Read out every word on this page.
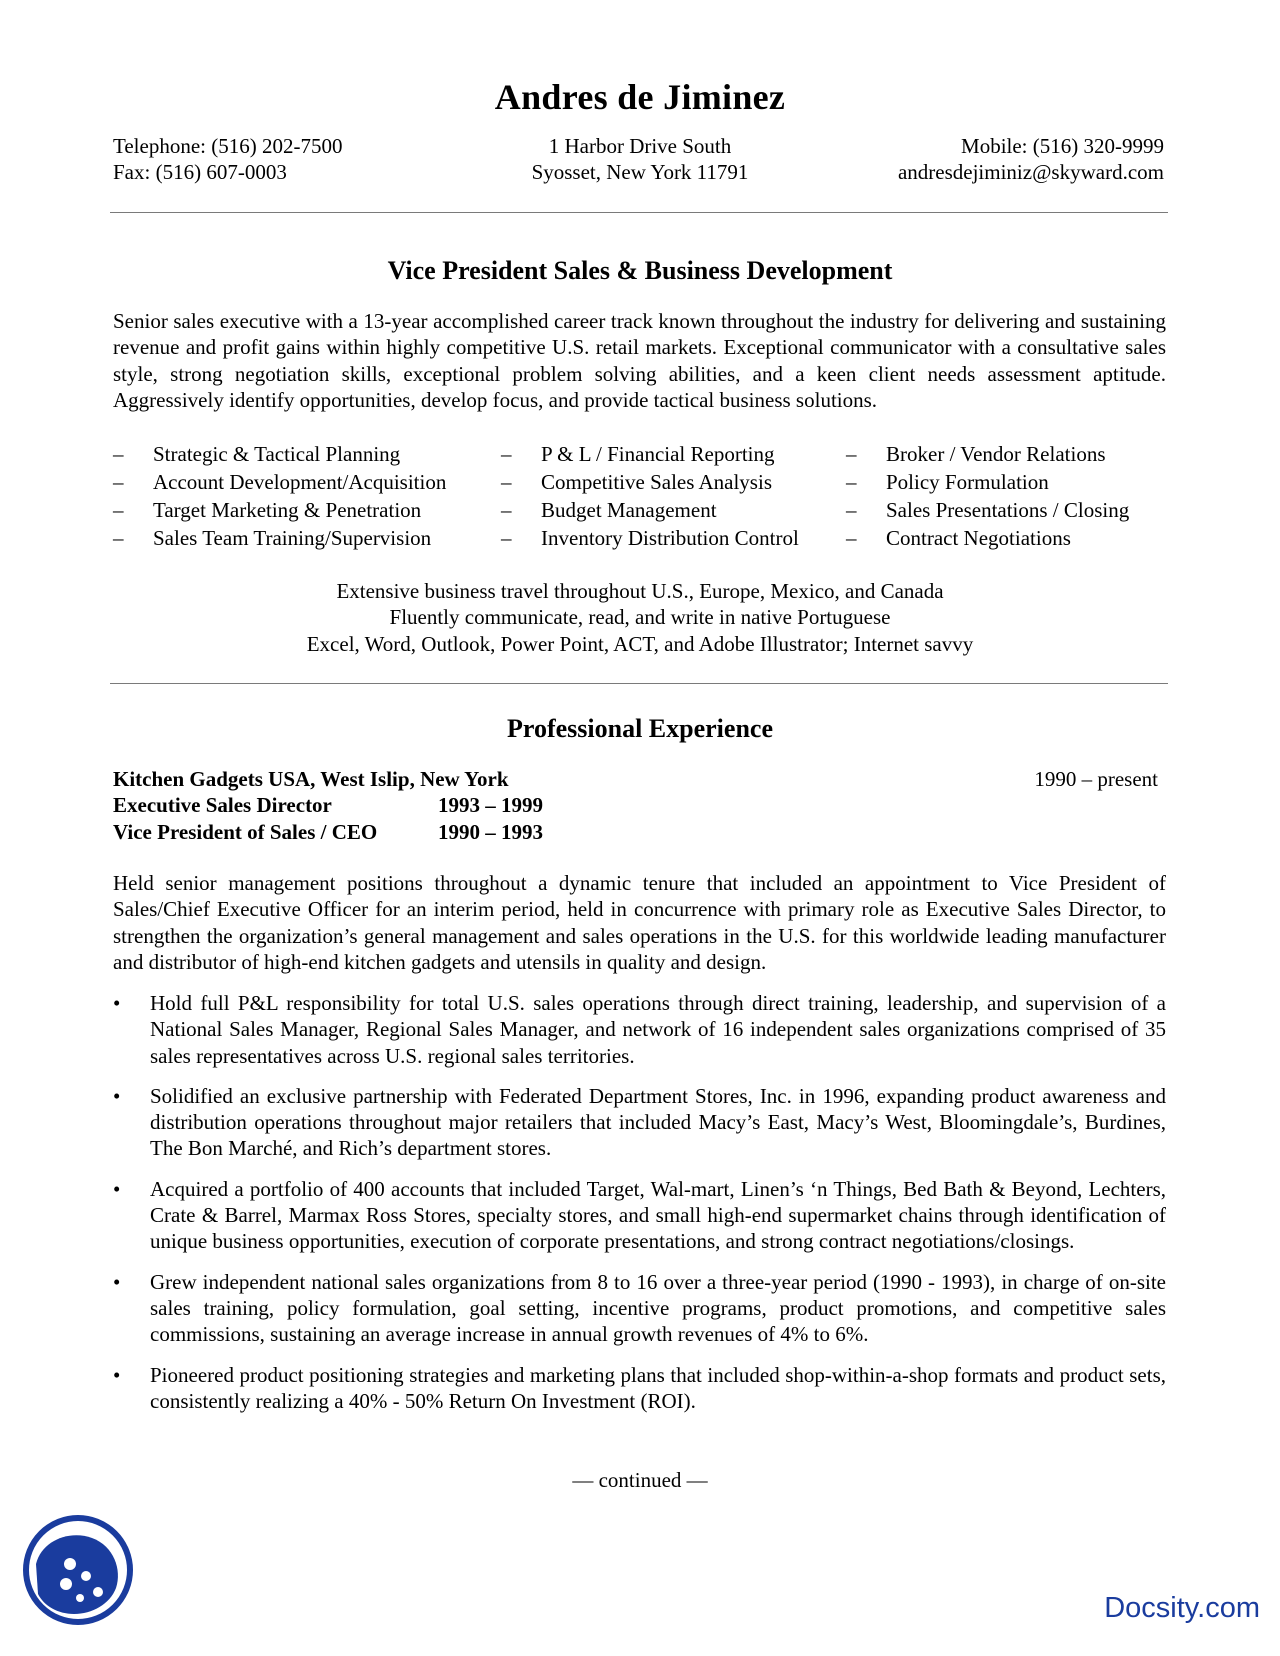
Andres de Jiminez
Telephone: (516) 202-7500
Fax: (516) 607-0003
1 Harbor Drive South
Syosset, New York 11791
Mobile: (516) 320-9999
andresdejiminiz@skyward.com
Vice President Sales & Business Development

Senior sales executive with a 13-year accomplished career track known throughout the industry for delivering and sustaining revenue and profit gains within highly competitive U.S. retail markets. Exceptional communicator with a consultative sales style, strong negotiation skills, exceptional problem solving abilities, and a keen client needs assessment aptitude. Aggressively identify opportunities, develop focus, and provide tactical business solutions.

– Strategic & Tactical Planning
– Account Development/Acquisition
– Target Marketing & Penetration
– Sales Team Training/Supervision
– P & L / Financial Reporting
– Competitive Sales Analysis
– Budget Management
– Inventory Distribution Control
– Broker / Vendor Relations
– Policy Formulation
– Sales Presentations / Closing
– Contract Negotiations
Extensive business travel throughout U.S., Europe, Mexico, and Canada
Fluently communicate, read, and write in native Portuguese
Excel, Word, Outlook, Power Point, ACT, and Adobe Illustrator; Internet savvy
Professional Experience
Kitchen Gadgets USA, West Islip, New York
Executive Sales Director	1993 – 1999
Vice President of Sales / CEO	1990 – 1993
1990 – present

Held senior management positions throughout a dynamic tenure that included an appointment to Vice President of Sales/Chief Executive Officer for an interim period, held in concurrence with primary role as Executive Sales Director, to strengthen the organization’s general management and sales operations in the U.S. for this worldwide leading manufacturer and distributor of high-end kitchen gadgets and utensils in quality and design.

•	Hold full P&L responsibility for total U.S. sales operations through direct training, leadership, and supervision of a National Sales Manager, Regional Sales Manager, and network of 16 independent sales organizations comprised of 35 sales representatives across U.S. regional sales territories.
•	Solidified an exclusive partnership with Federated Department Stores, Inc. in 1996, expanding product awareness and distribution operations throughout major retailers that included Macy’s East, Macy’s West, Bloomingdale’s, Burdines, The Bon Marché, and Rich’s department stores.
•	Acquired a portfolio of 400 accounts that included Target, Wal-mart, Linen’s ‘n Things, Bed Bath & Beyond, Lechters, Crate & Barrel, Marmax Ross Stores, specialty stores, and small high-end supermarket chains through identification of unique business opportunities, execution of corporate presentations, and strong contract negotiations/closings.
•	Grew independent national sales organizations from 8 to 16 over a three-year period (1990 - 1993), in charge of on-site sales training, policy formulation, goal setting, incentive programs, product promotions, and competitive sales commissions, sustaining an average increase in annual growth revenues of 4% to 6%.
•	Pioneered product positioning strategies and marketing plans that included shop-within-a-shop formats and product sets, consistently realizing a 40% - 50% Return On Investment (ROI).
— continued —
Docsity.com
